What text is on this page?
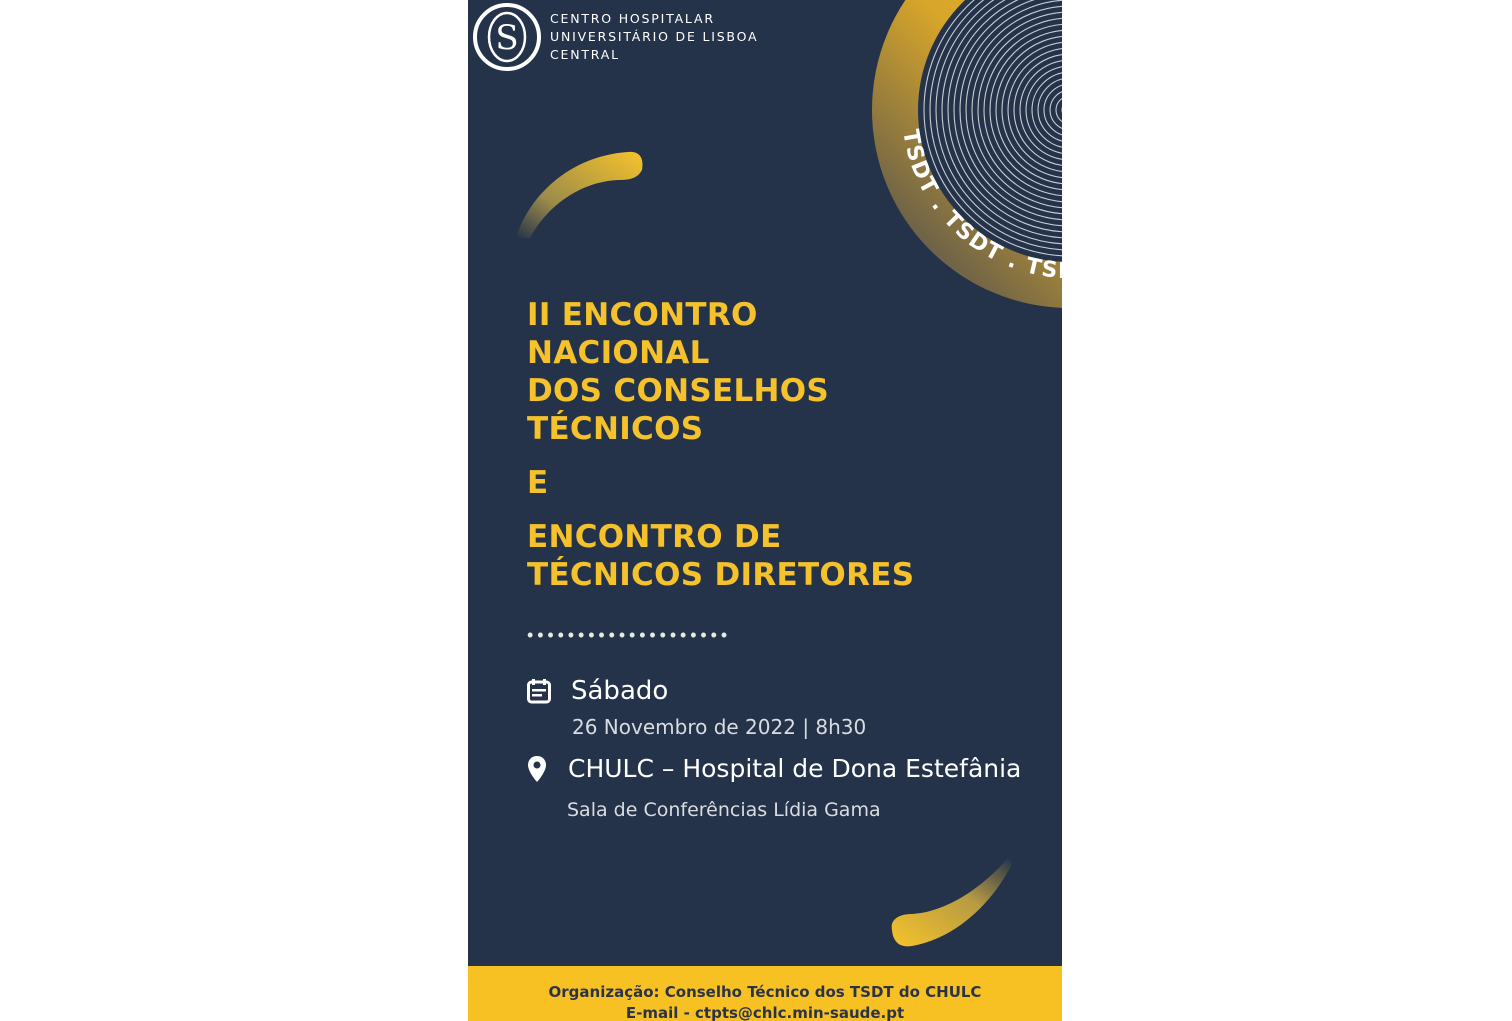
S	CENTRO HOSPITALAR
UNIVERSITÁRIO DE LISBOA
CENTRAL
TSDT . TSDT . TSDT. TSDT. TSDT.TSDT
II ENCONTRO
NACIONAL
DOS CONSELHOS
TÉCNICOS
E
ENCONTRO DE
TÉCNICOS DIRETORES
••••••••••••••••••••
Sábado
26 Novembro de 2022 | 8h30
CHULC – Hospital de Dona Estefânia
Sala de Conferências Lídia Gama
Organização: Conselho Técnico dos TSDT do CHULC
E-mail - ctpts@chlc.min-saude.pt
